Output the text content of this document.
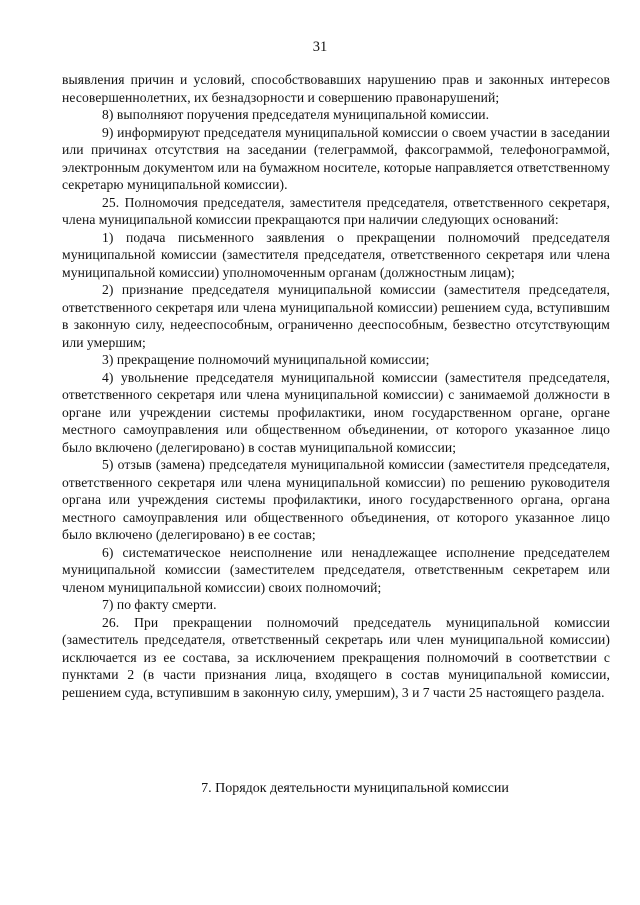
31

выявления причин и условий, способствовавших нарушению прав и законных интересов несовершеннолетних, их безнадзорности и совершению правонарушений;

8) выполняют поручения председателя муниципальной комиссии.

9) информируют председателя муниципальной комиссии о своем участии в заседании или причинах отсутствия на заседании (телеграммой, факсограммой, телефонограммой, электронным документом или на бумажном носителе, которые направляется ответственному секретарю муниципальной комиссии).

25. Полномочия председателя, заместителя председателя, ответственного секретаря, члена муниципальной комиссии прекращаются при наличии следующих оснований:

1) подача письменного заявления о прекращении полномочий председателя муниципальной комиссии (заместителя председателя, ответственного секретаря или члена муниципальной комиссии) уполномоченным органам (должностным лицам);

2) признание председателя муниципальной комиссии (заместителя председателя, ответственного секретаря или члена муниципальной комиссии) решением суда, вступившим в законную силу, недееспособным, ограниченно дееспособным, безвестно отсутствующим или умершим;

3) прекращение полномочий муниципальной комиссии;

4) увольнение председателя муниципальной комиссии (заместителя председателя, ответственного секретаря или члена муниципальной комиссии) с занимаемой должности в органе или учреждении системы профилактики, ином государственном органе, органе местного самоуправления или общественном объединении, от которого указанное лицо было включено (делегировано) в состав муниципальной комиссии;

5) отзыв (замена) председателя муниципальной комиссии (заместителя председателя, ответственного секретаря или члена муниципальной комиссии) по решению руководителя органа или учреждения системы профилактики, иного государственного органа, органа местного самоуправления или общественного объединения, от которого указанное лицо было включено (делегировано) в ее состав;

6) систематическое неисполнение или ненадлежащее исполнение председателем муниципальной комиссии (заместителем председателя, ответственным секретарем или членом муниципальной комиссии) своих полномочий;

7) по факту смерти.

26. При прекращении полномочий председатель муниципальной комиссии (заместитель председателя, ответственный секретарь или член муниципальной комиссии) исключается из ее состава, за исключением прекращения полномочий в соответствии с пунктами 2 (в части признания лица, входящего в состав муниципальной комиссии, решением суда, вступившим в законную силу, умершим), 3 и 7 части 25 настоящего раздела.

7. Порядок деятельности муниципальной комиссии
